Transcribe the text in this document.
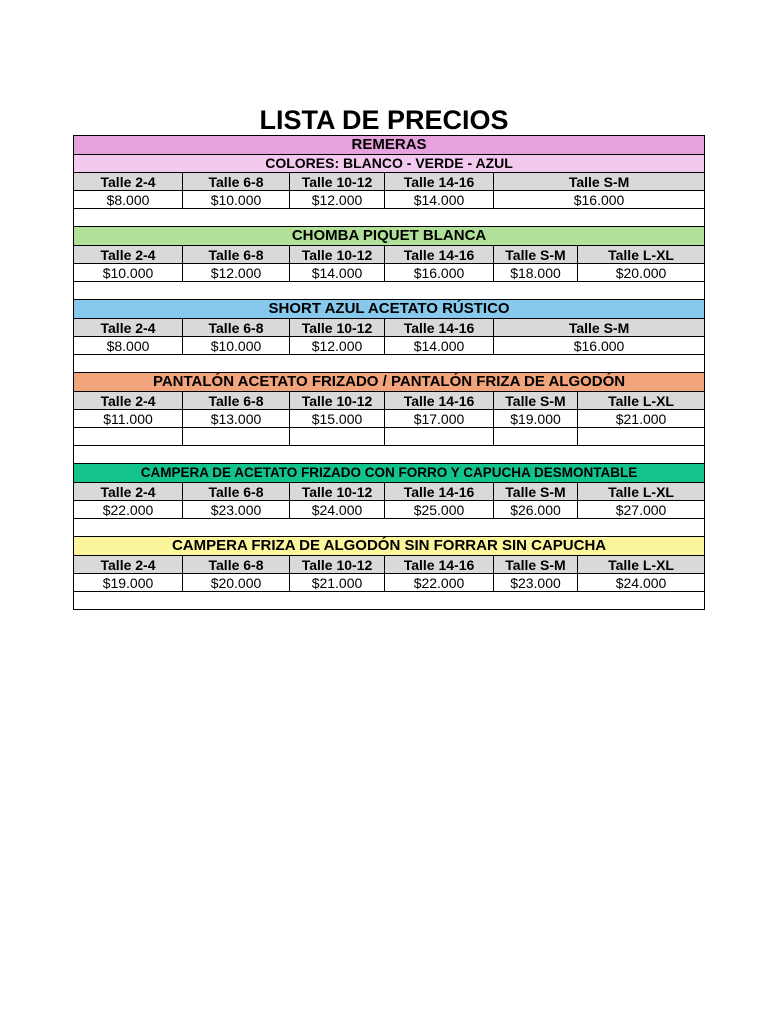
LISTA DE PRECIOS
REMERAS					
COLORES: BLANCO - VERDE - AZUL					
Talle 2-4	Talle 6-8	Talle 10-12	Talle 14-16	Talle S-M	
$8.000	$10.000	$12.000	$14.000	$16.000	

CHOMBA PIQUET BLANCA					
Talle 2-4	Talle 6-8	Talle 10-12	Talle 14-16	Talle S-M	Talle L-XL
$10.000	$12.000	$14.000	$16.000	$18.000	$20.000

SHORT AZUL ACETATO RÚSTICO					
Talle 2-4	Talle 6-8	Talle 10-12	Talle 14-16	Talle S-M	
$8.000	$10.000	$12.000	$14.000	$16.000	

PANTALÓN ACETATO FRIZADO / PANTALÓN FRIZA DE ALGODÓN					
Talle 2-4	Talle 6-8	Talle 10-12	Talle 14-16	Talle S-M	Talle L-XL
$11.000	$13.000	$15.000	$17.000	$19.000	$21.000

CAMPERA DE ACETATO FRIZADO CON FORRO Y CAPUCHA DESMONTABLE					
Talle 2-4	Talle 6-8	Talle 10-12	Talle 14-16	Talle S-M	Talle L-XL
$22.000	$23.000	$24.000	$25.000	$26.000	$27.000

CAMPERA FRIZA DE ALGODÓN SIN FORRAR SIN CAPUCHA					
Talle 2-4	Talle 6-8	Talle 10-12	Talle 14-16	Talle S-M	Talle L-XL
$19.000	$20.000	$21.000	$22.000	$23.000	$24.000
